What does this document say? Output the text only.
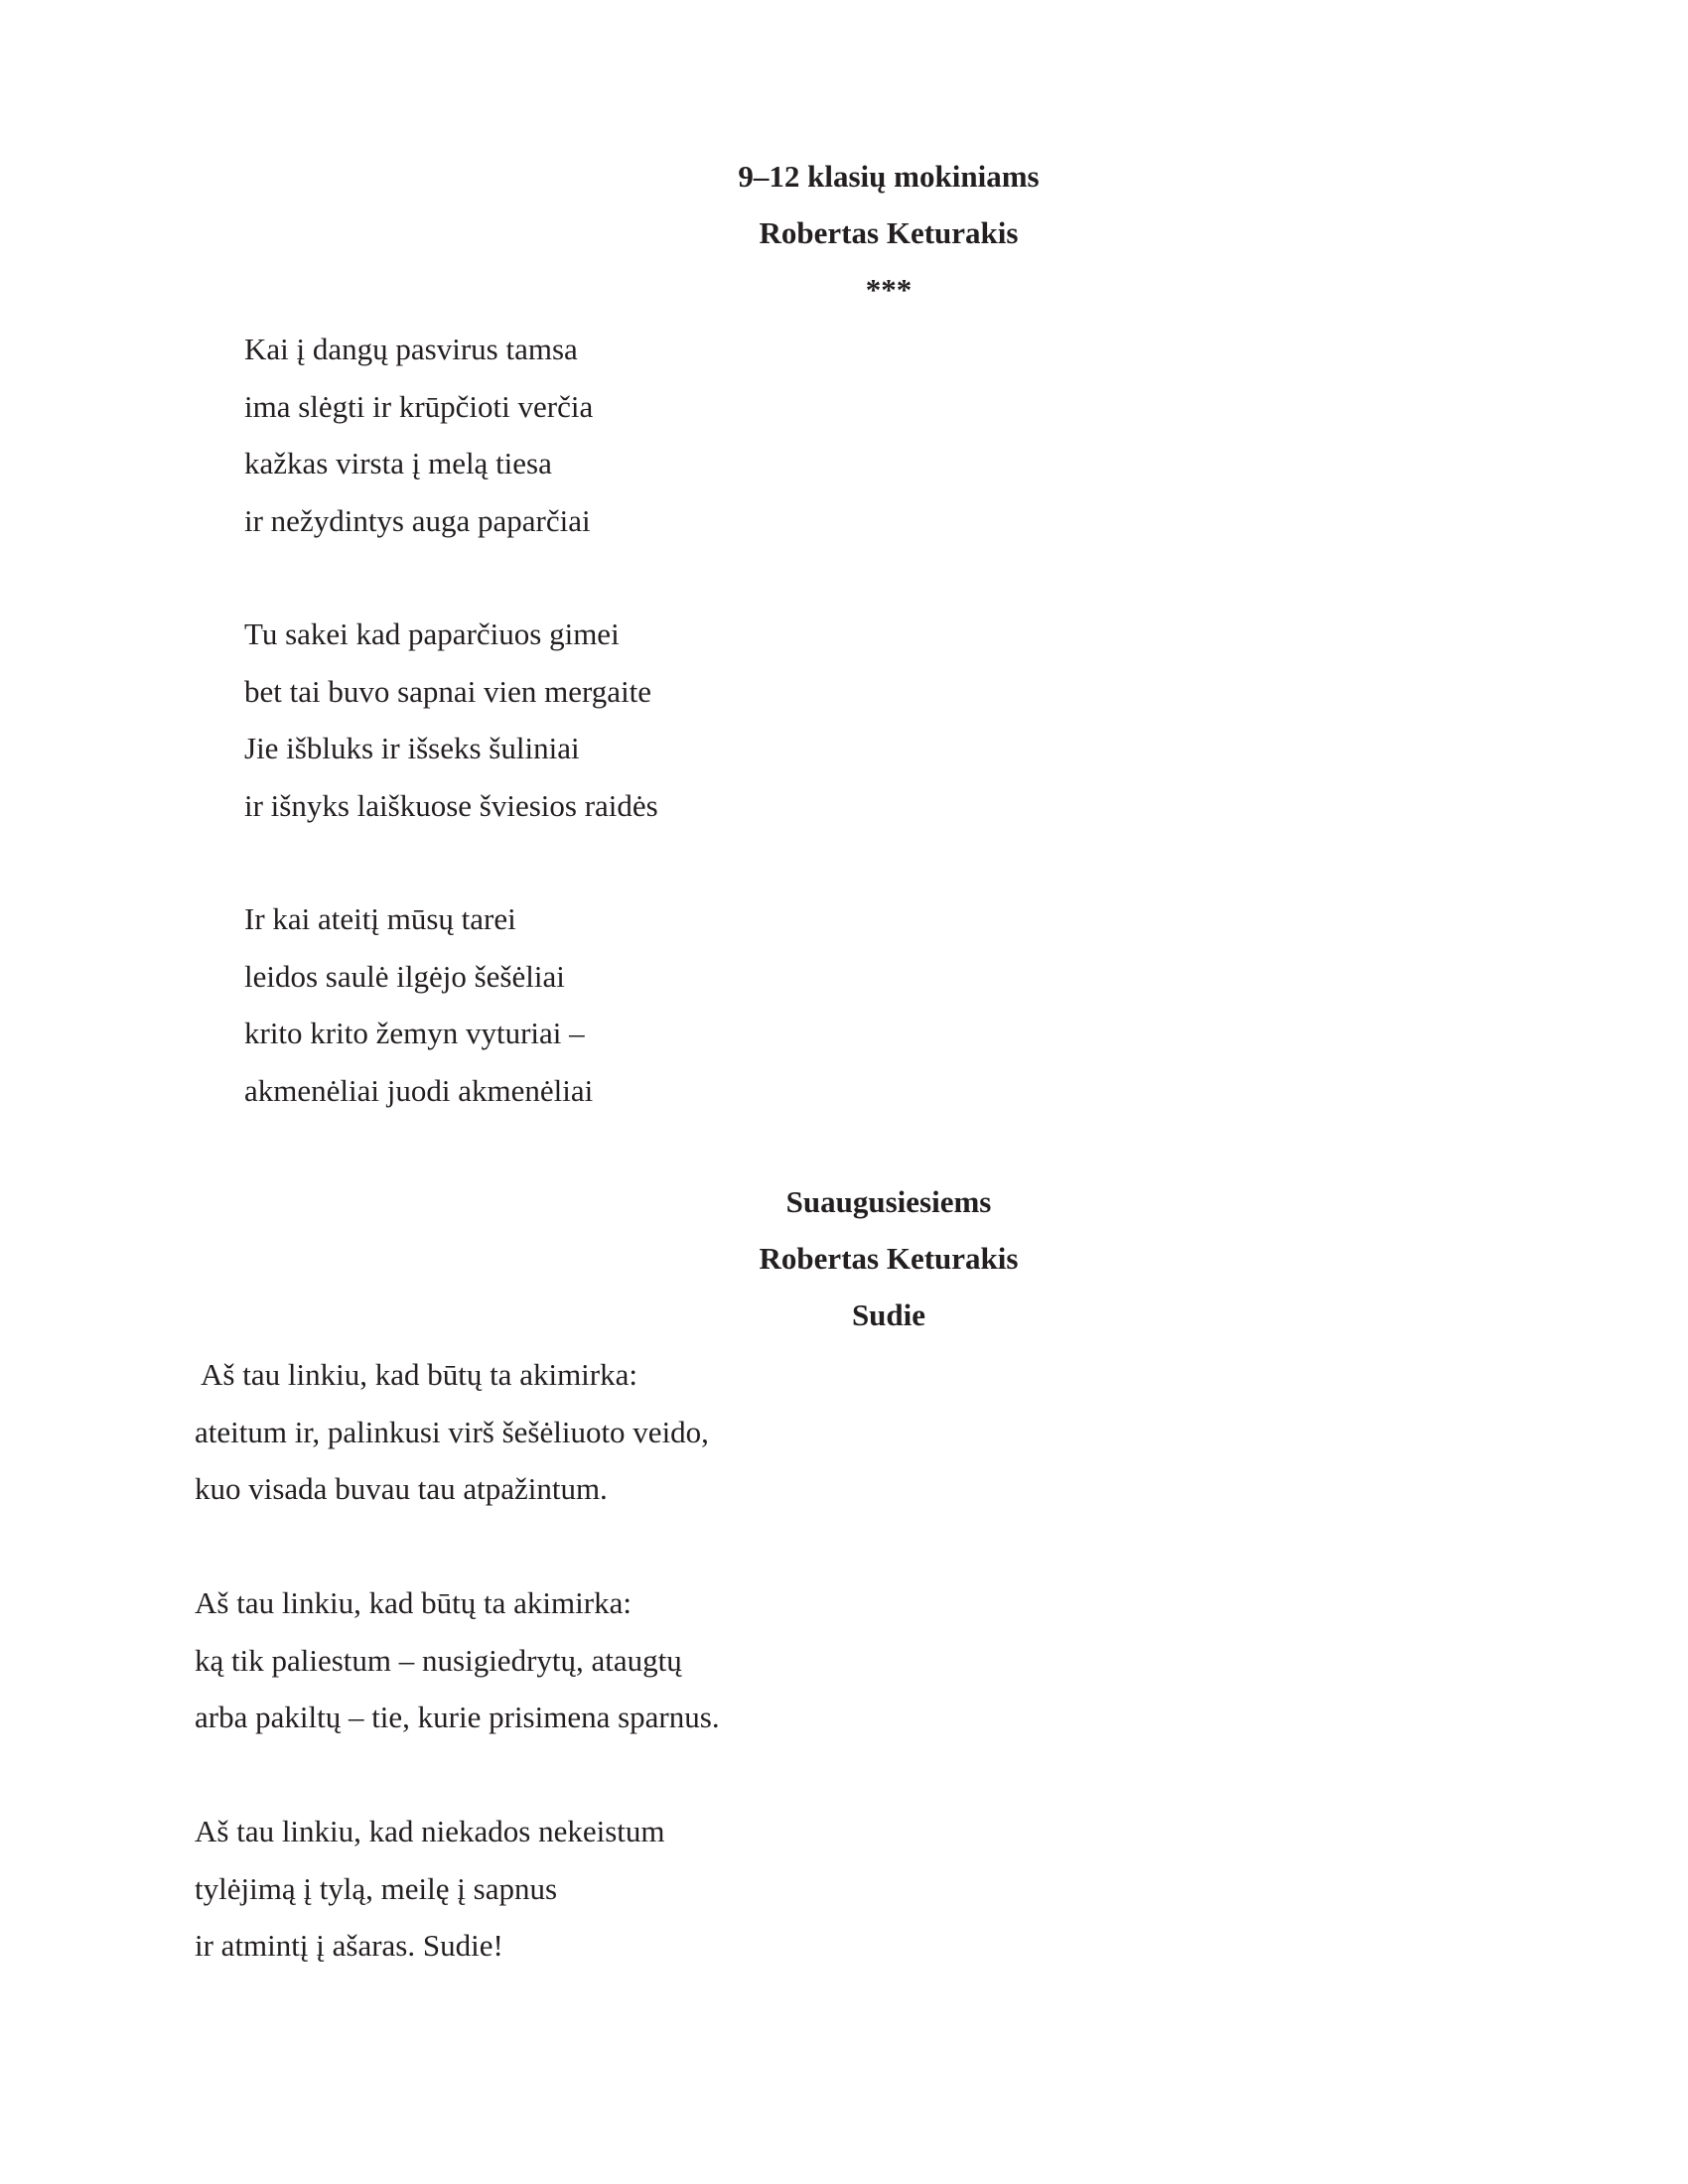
9–12 klasių mokiniams
Robertas Keturakis
***
Kai į dangų pasvirus tamsa
ima slėgti ir krūpčioti verčia
kažkas virsta į melą tiesa
ir nežydintys auga paparčiai
Tu sakei kad paparčiuos gimei
bet tai buvo sapnai vien mergaite
Jie išbluks ir išseks šuliniai
ir išnyks laiškuose šviesios raidės
Ir kai ateitį mūsų tarei
leidos saulė ilgėjo šešėliai
krito krito žemyn vyturiai –
akmenėliai juodi akmenėliai
Suaugusiesiems
Robertas Keturakis
Sudie
Aš tau linkiu, kad būtų ta akimirka:
ateitum ir, palinkusi virš šešėliuoto veido,
kuo visada buvau tau atpažintum.
Aš tau linkiu, kad būtų ta akimirka:
ką tik paliestum – nusigiedrytų, ataugtų
arba pakiltų – tie, kurie prisimena sparnus.
Aš tau linkiu, kad niekados nekeistum
tylėjimą į tylą, meilę į sapnus
ir atmintį į ašaras. Sudie!
